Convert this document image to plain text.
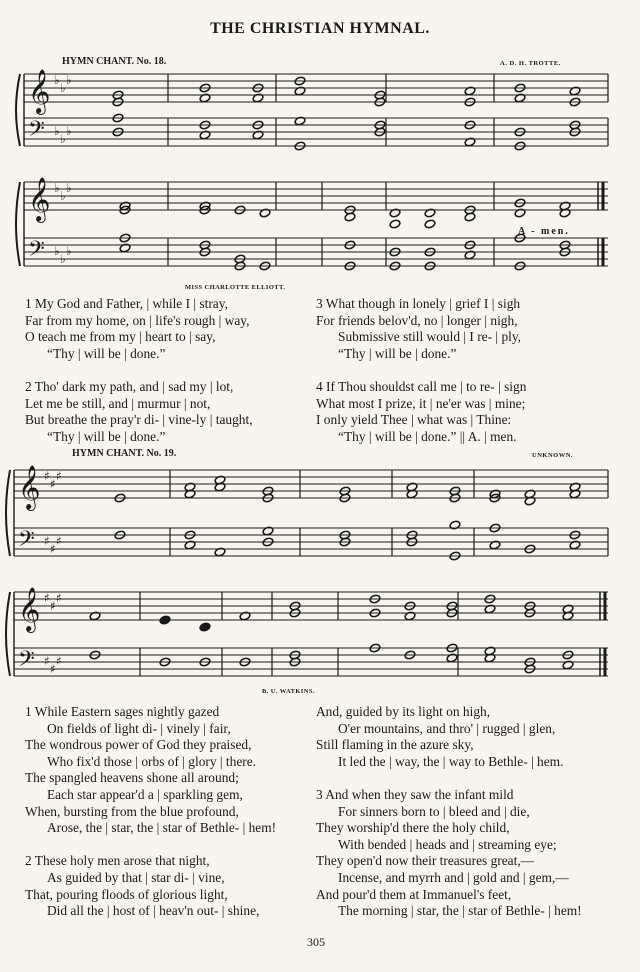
THE CHRISTIAN HYMNAL.
HYMN CHANT. No. 18.	A. D. H. TROTTE.
𝄞
𝄢
♭
♭
♭
♭
♭
♭
𝄞
𝄢
♭
♭
♭
♭
♭
♭
𝄞
𝄢
♯
♯
♯
♯
♯
♯
𝄞
𝄢
♯
♯
♯
♯
♯
♯
A - men.
MISS CHARLOTTE ELLIOTT.
1 My God and Father, | while I | stray,
Far from my home, on | life's rough | way,
O teach me from my | heart to | say,
“Thy | will be | done.”
2 Tho' dark my path, and | sad my | lot,
Let me be still, and | murmur | not,
But breathe the pray'r di- | vine-ly | taught,
“Thy | will be | done.”
3 What though in lonely | grief I | sigh
For friends belov'd, no | longer | nigh,
Submissive still would | I re- | ply,
“Thy | will be | done.”
4 If Thou shouldst call me | to re- | sign
What most I prize, it | ne'er was | mine;
I only yield Thee | what was | Thine:
“Thy | will be | done.” || A. | men.
HYMN CHANT. No. 19.	UNKNOWN.
B. U. WATKINS.
1 While Eastern sages nightly gazed
On fields of light di- | vinely | fair,
The wondrous power of God they praised,
Who fix'd those | orbs of | glory | there.
The spangled heavens shone all around;
Each star appear'd a | sparkling gem,
When, bursting from the blue profound,
Arose, the | star, the | star of Bethle- | hem!
2 These holy men arose that night,
As guided by that | star di- | vine,
That, pouring floods of glorious light,
Did all the | host of | heav'n out- | shine,
And, guided by its light on high,
O'er mountains, and thro' | rugged | glen,
Still flaming in the azure sky,
It led the | way, the | way to Bethle- | hem.
3 And when they saw the infant mild
For sinners born to | bleed and | die,
They worship'd there the holy child,
With bended | heads and | streaming eye;
They open'd now their treasures great,—
Incense, and myrrh and | gold and | gem,—
And pour'd them at Immanuel's feet,
The morning | star, the | star of Bethle- | hem!
305
